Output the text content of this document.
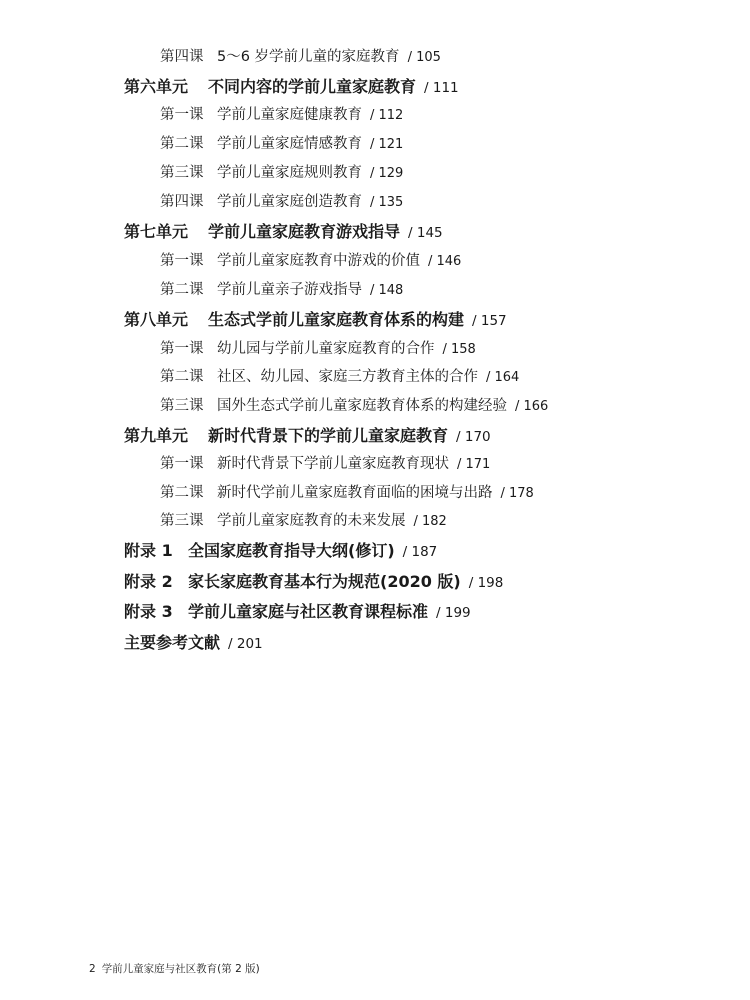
第四课 5～6 岁学前儿童的家庭教育 / 105
第六单元 不同内容的学前儿童家庭教育 / 111
第一课 学前儿童家庭健康教育 / 112
第二课 学前儿童家庭情感教育 / 121
第三课 学前儿童家庭规则教育 / 129
第四课 学前儿童家庭创造教育 / 135
第七单元 学前儿童家庭教育游戏指导 / 145
第一课 学前儿童家庭教育中游戏的价值 / 146
第二课 学前儿童亲子游戏指导 / 148
第八单元 生态式学前儿童家庭教育体系的构建 / 157
第一课 幼儿园与学前儿童家庭教育的合作 / 158
第二课 社区、幼儿园、家庭三方教育主体的合作 / 164
第三课 国外生态式学前儿童家庭教育体系的构建经验 / 166
第九单元 新时代背景下的学前儿童家庭教育 / 170
第一课 新时代背景下学前儿童家庭教育现状 / 171
第二课 新时代学前儿童家庭教育面临的困境与出路 / 178
第三课 学前儿童家庭教育的未来发展 / 182
附录 1 全国家庭教育指导大纲(修订) / 187
附录 2 家长家庭教育基本行为规范(2020 版) / 198
附录 3 学前儿童家庭与社区教育课程标准 / 199
主要参考文献 / 201
2 学前儿童家庭与社区教育(第 2 版)
